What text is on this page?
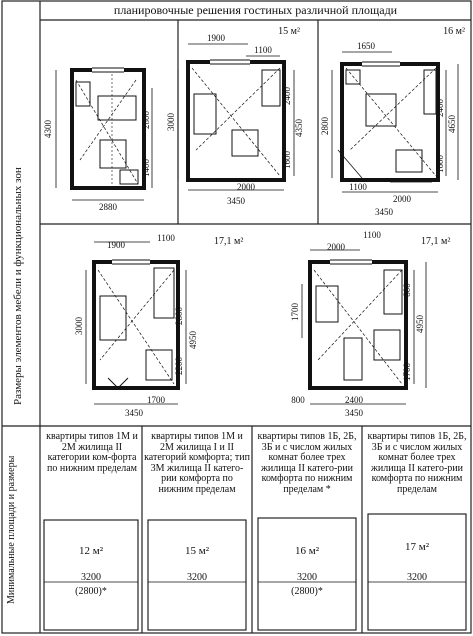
планировочные решения гостиных различной площади
4300	2800
1400
2880
15 м²
1900
1100
3000
2400
4350
1600
2000
3450
16 м²
1650
2800
2400
4650
1600
1100
2000
3450
17,1 м²
1900
1100
3000
2800
2200
4950
1700
3450
17,1 м²
2000
1100
1700
800
4950
1700
800	2400
3450
12 м²
3200
(2800)*
15 м²
3200
16 м²
3200
(2800)*
17 м²
3200
Размеры элементов мебели и функциональных зон
Минимальные площади и размеры
квартиры типов 1М и 2М жилища II категории ком-форта по нижним пределам
квартиры типов 1М и 2М жилища I и II категорий комфорта; тип 3М жилища II катего-рии комфорта по нижним пределам
квартиры типов 1Б, 2Б, 3Б и с числом жилых комнат более трех жилища II катего-рии комфорта по нижним пределам *
квартиры типов 1Б, 2Б, 3Б и с числом жилых комнат более трех жилища II катего-рии комфорта по нижним пределам
